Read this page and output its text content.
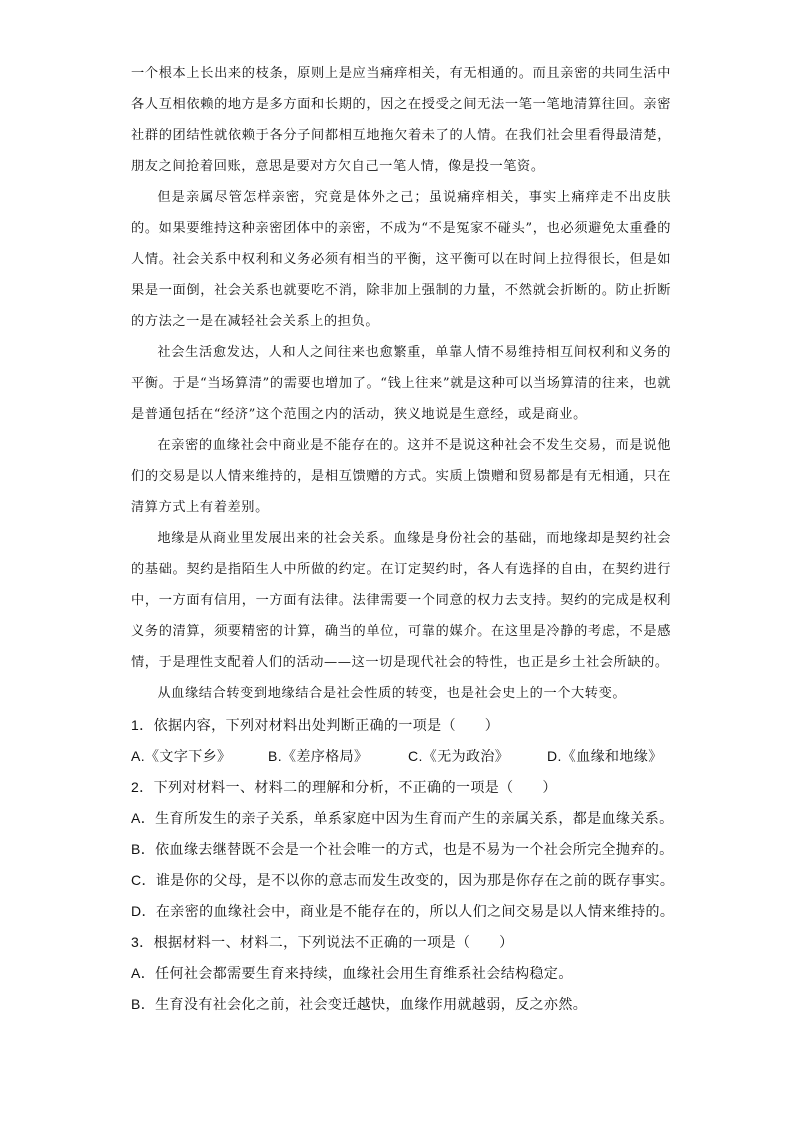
一个根本上长出来的枝条，原则上是应当痛痒相关，有无相通的。而且亲密的共同生活中各人互相依赖的地方是多方面和长期的，因之在授受之间无法一笔一笔地清算往回。亲密社群的团结性就依赖于各分子间都相互地拖欠着未了的人情。在我们社会里看得最清楚，朋友之间抢着回账，意思是要对方欠自己一笔人情，像是投一笔资。

但是亲属尽管怎样亲密，究竟是体外之己；虽说痛痒相关，事实上痛痒走不出皮肤的。如果要维持这种亲密团体中的亲密，不成为“不是冤家不碰头”，也必须避免太重叠的人情。社会关系中权利和义务必须有相当的平衡，这平衡可以在时间上拉得很长，但是如果是一面倒，社会关系也就要吃不消，除非加上强制的力量，不然就会折断的。防止折断的方法之一是在减轻社会关系上的担负。

社会生活愈发达，人和人之间往来也愈繁重，单靠人情不易维持相互间权利和义务的平衡。于是“当场算清”的需要也增加了。“钱上往来”就是这种可以当场算清的往来，也就是普通包括在“经济”这个范围之内的活动，狭义地说是生意经，或是商业。

在亲密的血缘社会中商业是不能存在的。这并不是说这种社会不发生交易，而是说他们的交易是以人情来维持的，是相互馈赠的方式。实质上馈赠和贸易都是有无相通，只在清算方式上有着差别。

地缘是从商业里发展出来的社会关系。血缘是身份社会的基础，而地缘却是契约社会的基础。契约是指陌生人中所做的约定。在订定契约时，各人有选择的自由，在契约进行中，一方面有信用，一方面有法律。法律需要一个同意的权力去支持。契约的完成是权利义务的清算，须要精密的计算，确当的单位，可靠的媒介。在这里是冷静的考虑，不是感情，于是理性支配着人们的活动——这一切是现代社会的特性，也正是乡土社会所缺的。

从血缘结合转变到地缘结合是社会性质的转变，也是社会史上的一个大转变。

1．依据内容，下列对材料出处判断正确的一项是（　　）

A.《文字下乡》	B.《差序格局》	C.《无为政治》	D.《血缘和地缘》

2．下列对材料一、材料二的理解和分析，不正确的一项是（　　）

A．生育所发生的亲子关系，单系家庭中因为生育而产生的亲属关系，都是血缘关系。

B．依血缘去继替既不会是一个社会唯一的方式，也是不易为一个社会所完全抛弃的。

C．谁是你的父母，是不以你的意志而发生改变的，因为那是你存在之前的既存事实。

D．在亲密的血缘社会中，商业是不能存在的，所以人们之间交易是以人情来维持的。

3．根据材料一、材料二，下列说法不正确的一项是（　　）

A．任何社会都需要生育来持续，血缘社会用生育维系社会结构稳定。

B．生育没有社会化之前，社会变迁越快，血缘作用就越弱，反之亦然。
